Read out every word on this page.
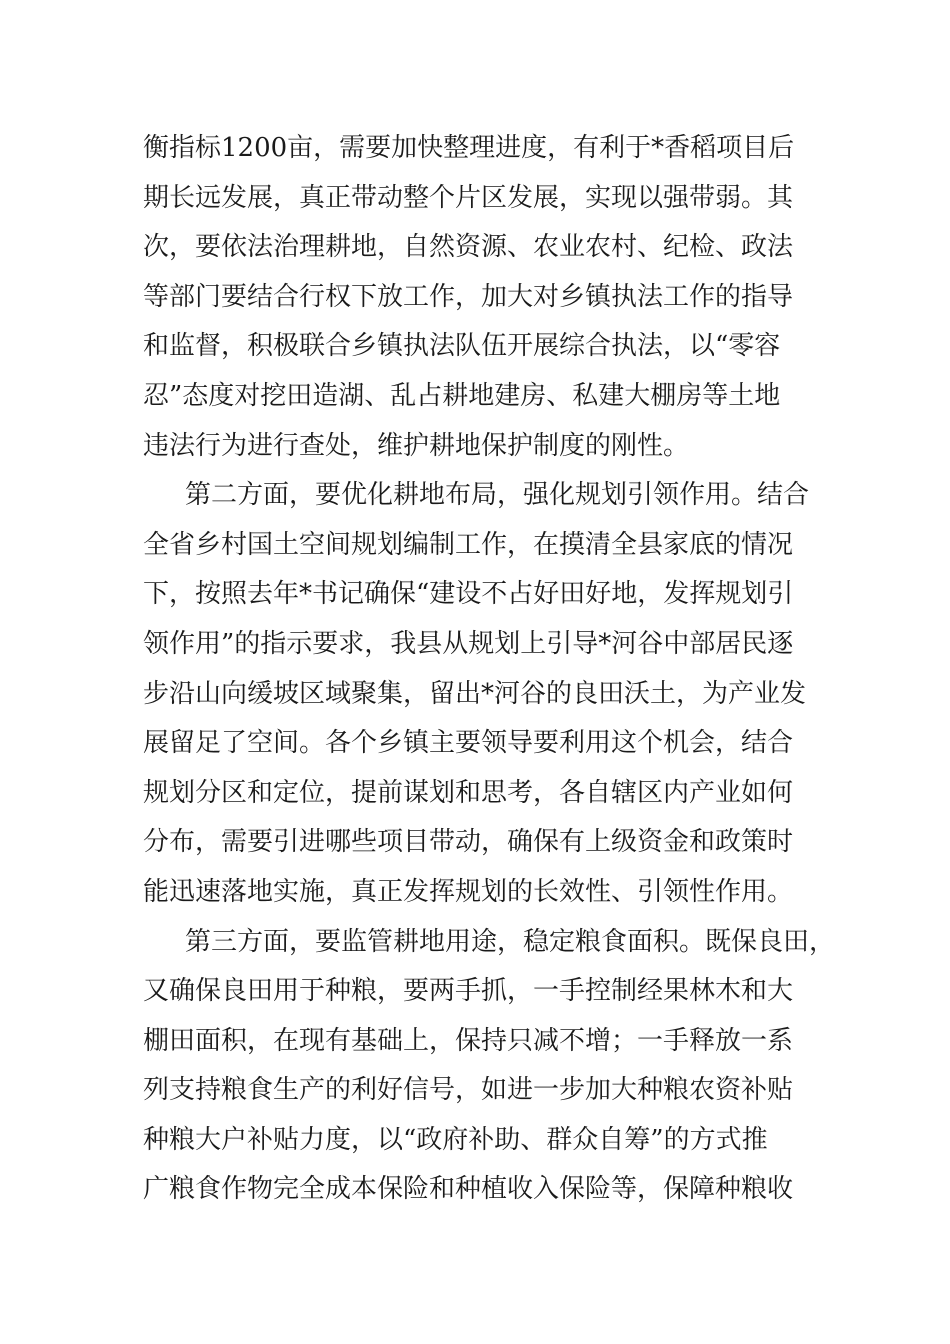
衡指标1200亩，需要加快整理进度，有利于*香稻项目后
期长远发展，真正带动整个片区发展，实现以强带弱。其
次，要依法治理耕地，自然资源、农业农村、纪检、政法
等部门要结合行权下放工作，加大对乡镇执法工作的指导
和监督，积极联合乡镇执法队伍开展综合执法，以“零容
忍”态度对挖田造湖、乱占耕地建房、私建大棚房等土地
违法行为进行查处，维护耕地保护制度的刚性。
第二方面，要优化耕地布局，强化规划引领作用。结合
全省乡村国土空间规划编制工作，在摸清全县家底的情况
下，按照去年*书记确保“建设不占好田好地，发挥规划引
领作用”的指示要求，我县从规划上引导*河谷中部居民逐
步沿山向缓坡区域聚集，留出*河谷的良田沃土，为产业发
展留足了空间。各个乡镇主要领导要利用这个机会，结合
规划分区和定位，提前谋划和思考，各自辖区内产业如何
分布，需要引进哪些项目带动，确保有上级资金和政策时
能迅速落地实施，真正发挥规划的长效性、引领性作用。
第三方面，要监管耕地用途，稳定粮食面积。既保良田，
又确保良田用于种粮，要两手抓，一手控制经果林木和大
棚田面积，在现有基础上，保持只减不增；一手释放一系
列支持粮食生产的利好信号，如进一步加大种粮农资补贴
种粮大户补贴力度，以“政府补助、群众自筹”的方式推
广粮食作物完全成本保险和种植收入保险等，保障种粮收
